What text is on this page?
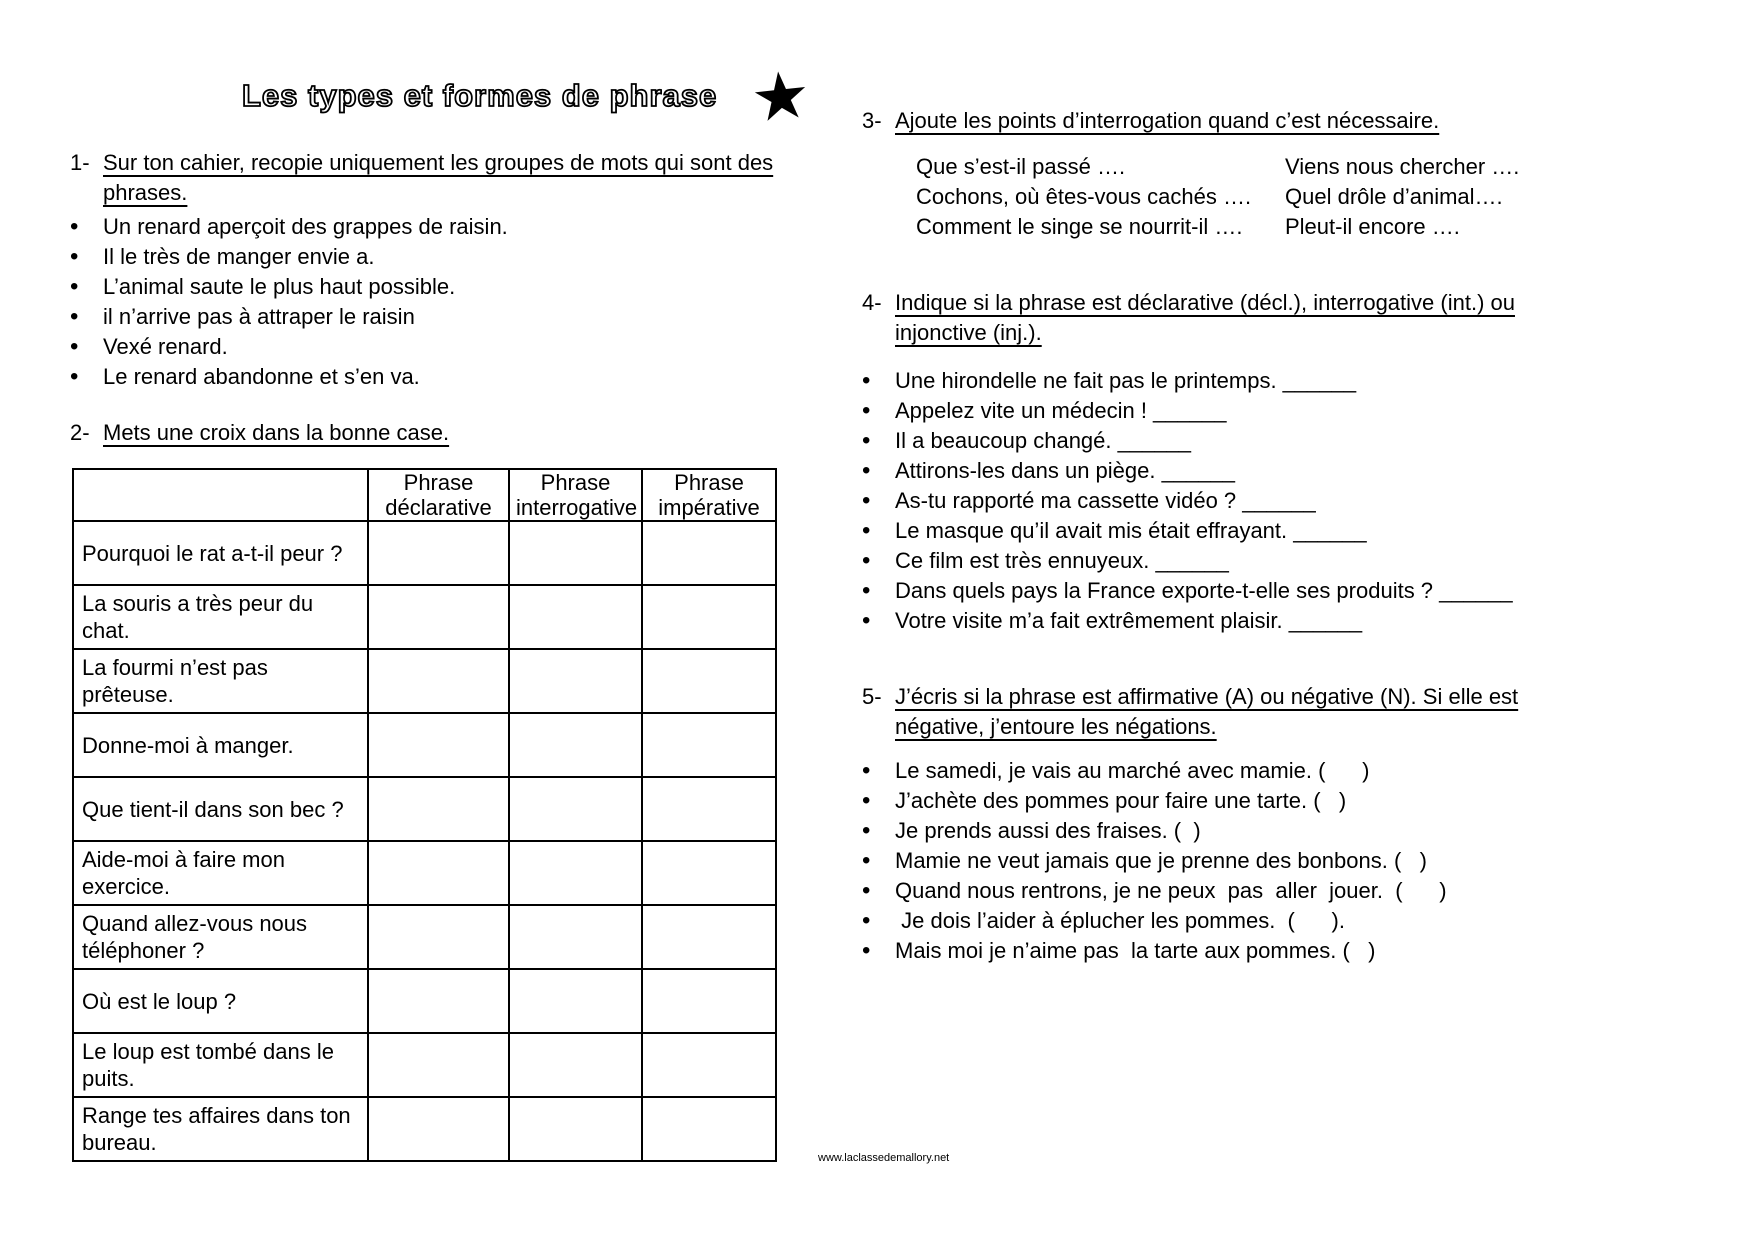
Les types et formes de phrase ★
1- Sur ton cahier, recopie uniquement les groupes de mots qui sont des
phrases.
• Un renard aperçoit des grappes de raisin.
• Il le très de manger envie a.
• L’animal saute le plus haut possible.
• il n’arrive pas à attraper le raisin
• Vexé renard.
• Le renard abandonne et s’en va.
2- Mets une croix dans la bonne case.
	Phrase déclarative	Phrase interrogative	Phrase impérative
Pourquoi le rat a-t-il peur ?			
La souris a très peur du chat.			
La fourmi n’est pas prêteuse.			
Donne-moi à manger.			
Que tient-il dans son bec ?			
Aide-moi à faire mon exercice.			
Quand allez-vous nous téléphoner ?			
Où est le loup ?			
Le loup est tombé dans le puits.			
Range tes affaires dans ton bureau.			
3- Ajoute les points d’interrogation quand c’est nécessaire.
Que s’est-il passé ….	Viens nous chercher ….
Cochons, où êtes-vous cachés ….	Quel drôle d’animal….
Comment le singe se nourrit-il ….	Pleut-il encore ….
4- Indique si la phrase est déclarative (décl.), interrogative (int.) ou
injonctive (inj.).
• Une hirondelle ne fait pas le printemps. ______
• Appelez vite un médecin ! ______
• Il a beaucoup changé. ______
• Attirons-les dans un piège. ______
• As-tu rapporté ma cassette vidéo ? ______
• Le masque qu’il avait mis était effrayant. ______
• Ce film est très ennuyeux. ______
• Dans quels pays la France exporte-t-elle ses produits ? ______
• Votre visite m’a fait extrêmement plaisir. ______
5- J’écris si la phrase est affirmative (A) ou négative (N). Si elle est
négative, j’entoure les négations.
• Le samedi, je vais au marché avec mamie. (      )
• J’achète des pommes pour faire une tarte. (   )
• Je prends aussi des fraises. (  )
• Mamie ne veut jamais que je prenne des bonbons. (   )
• Quand nous rentrons, je ne peux  pas  aller  jouer.  (      )
•  Je dois l’aider à éplucher les pommes.  (      ).
• Mais moi je n’aime pas  la tarte aux pommes. (   )
www.laclassedemallory.net
